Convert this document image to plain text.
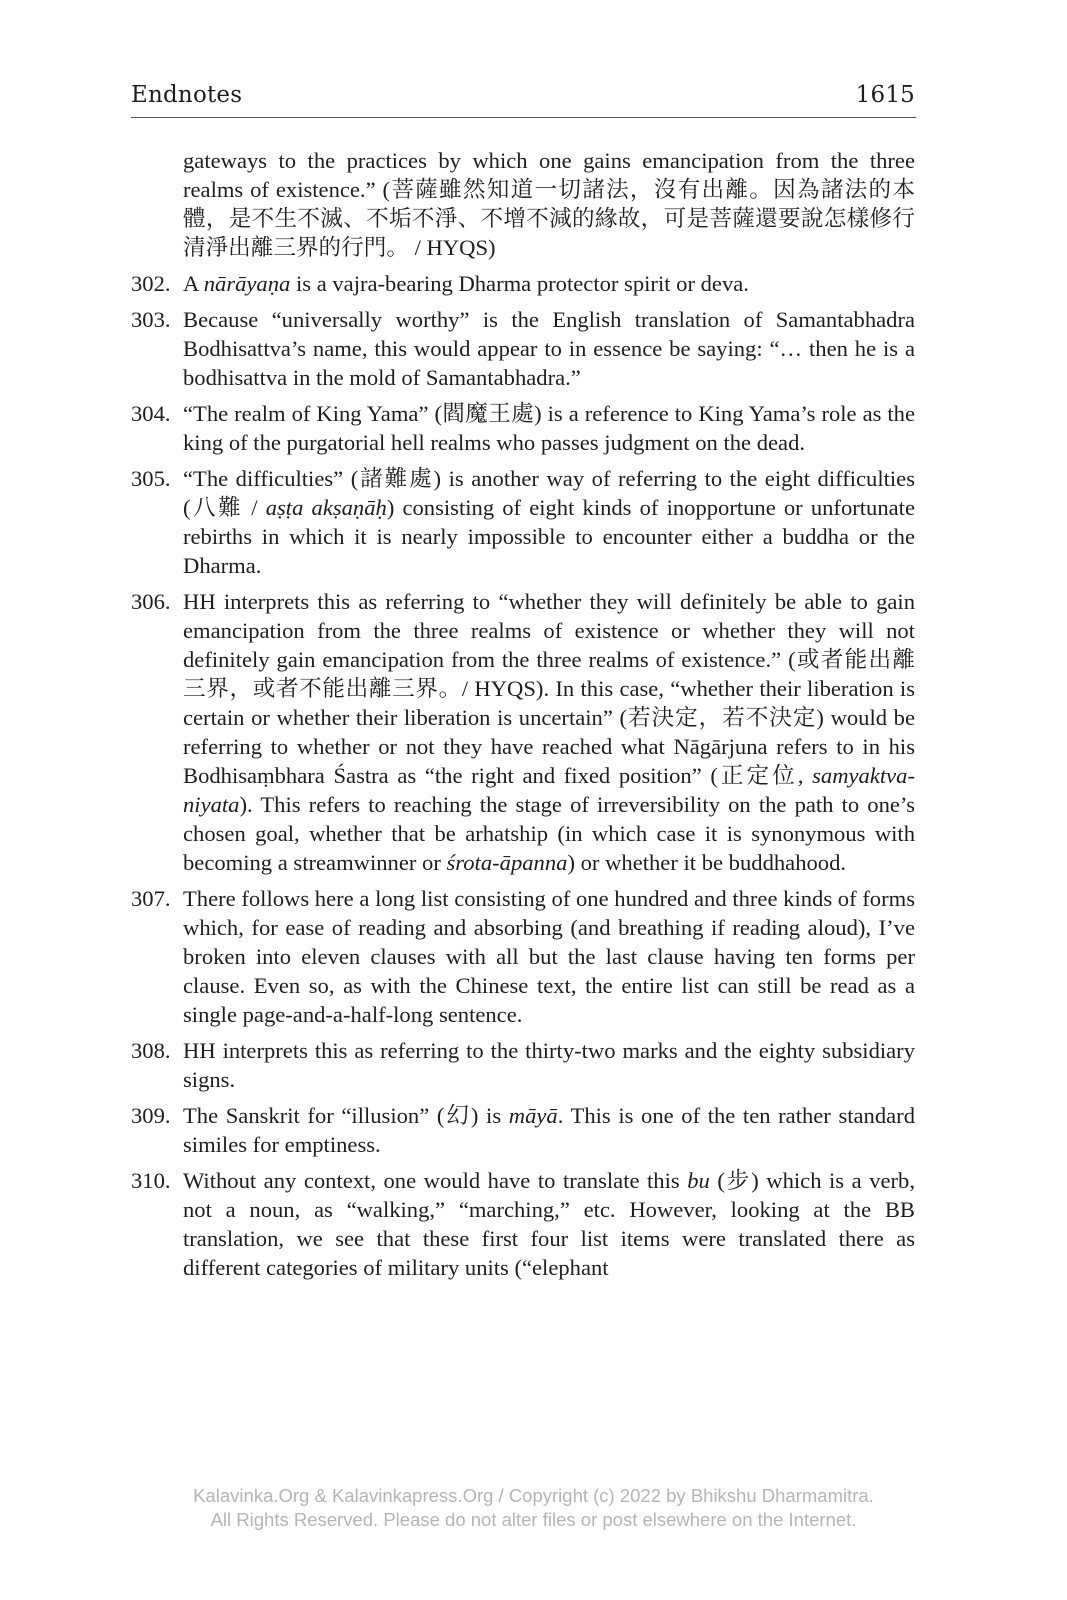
Endnotes	1615
gateways to the practices by which one gains emancipation from the three realms of existence.” (菩薩雖然知道一切諸法，沒有出離。因為諸法的本體，是不生不滅、不垢不淨、不增不減的緣故，可是菩薩還要說怎樣修行清淨出離三界的行門。 / HYQS)
302. A nārāyaṇa is a vajra-bearing Dharma protector spirit or deva.
303. Because “universally worthy” is the English translation of Samantabhadra Bodhisattva’s name, this would appear to in essence be saying: “… then he is a bodhisattva in the mold of Samantabhadra.”
304. “The realm of King Yama” (閻魔王處) is a reference to King Yama’s role as the king of the purgatorial hell realms who passes judgment on the dead.
305. “The difficulties” (諸難處) is another way of referring to the eight difficulties (八難 / aṣṭa akṣaṇāḥ) consisting of eight kinds of inopportune or unfortunate rebirths in which it is nearly impossible to encounter either a buddha or the Dharma.
306. HH interprets this as referring to “whether they will definitely be able to gain emancipation from the three realms of existence or whether they will not definitely gain emancipation from the three realms of existence.” (或者能出離三界，或者不能出離三界。/ HYQS). In this case, “whether their liberation is certain or whether their liberation is uncertain” (若決定，若不決定) would be referring to whether or not they have reached what Nāgārjuna refers to in his Bodhisaṃbhara Śastra as “the right and fixed position” (正定位, samyaktva-niyata). This refers to reaching the stage of irreversibility on the path to one’s chosen goal, whether that be arhatship (in which case it is synonymous with becoming a streamwinner or śrota-āpanna) or whether it be buddhahood.
307. There follows here a long list consisting of one hundred and three kinds of forms which, for ease of reading and absorbing (and breathing if reading aloud), I’ve broken into eleven clauses with all but the last clause having ten forms per clause. Even so, as with the Chinese text, the entire list can still be read as a single page-and-a-half-long sentence.
308. HH interprets this as referring to the thirty-two marks and the eighty subsidiary signs.
309. The Sanskrit for “illusion” (幻) is māyā. This is one of the ten rather standard similes for emptiness.
310. Without any context, one would have to translate this bu (步) which is a verb, not a noun, as “walking,” “marching,” etc. However, looking at the BB translation, we see that these first four list items were translated there as different categories of military units (“elephant
Kalavinka.Org & Kalavinkapress.Org / Copyright (c) 2022 by Bhikshu Dharmamitra.
All Rights Reserved. Please do not alter files or post elsewhere on the Internet.
